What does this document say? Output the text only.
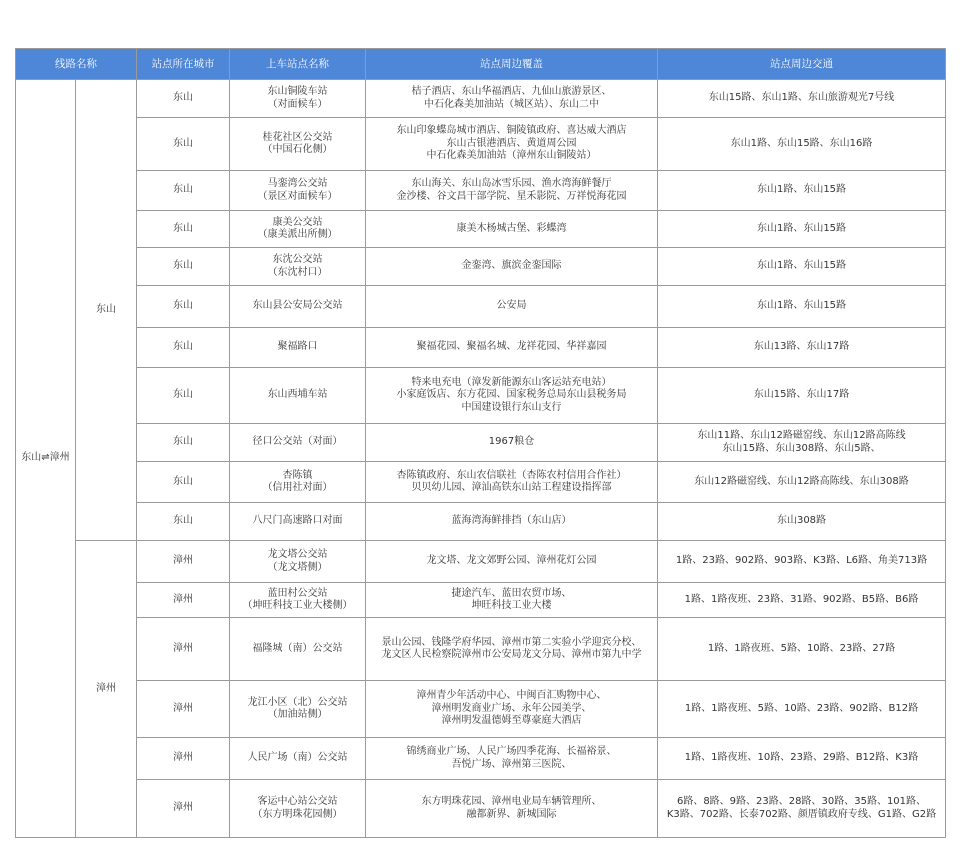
线路名称		站点所在城市	上车站点名称	站点周边覆盖	站点周边交通
东山⇌漳州	东山	东山	东山铜陵车站
（对面候车）	桔子酒店、东山华福酒店、九仙山旅游景区、
中石化森美加油站（城区站）、东山二中	东山15路、东山1路、东山旅游观光7号线

		东山	桂花社区公交站
（中国石化侧）	东山印象蝶岛城市酒店、铜陵镇政府、喜达威大酒店
东山古银港酒店、黄道周公园
中石化森美加油站（漳州东山铜陵站）	东山1路、东山15路、东山16路

		东山	马銮湾公交站
（景区对面候车）	东山海关、东山岛冰雪乐园、渔水湾海鲜餐厅
金沙楼、谷文昌干部学院、星禾影院、万祥悦海花园	东山1路、东山15路

		东山	康美公交站
（康美派出所侧）	康美木杨城古堡、彩蝶湾	东山1路、东山15路

		东山	东沈公交站
（东沈村口）	金銮湾、旗滨金銮国际	东山1路、东山15路

		东山	东山县公安局公交站	公安局	东山1路、东山15路

		东山	聚福路口	聚福花园、聚福名城、龙祥花园、华祥嘉园	东山13路、东山17路

		东山	东山西埔车站	特来电充电（漳发新能源东山客运站充电站）
小家庭饭店、东方花园、国家税务总局东山县税务局
中国建设银行东山支行	东山15路、东山17路

		东山	径口公交站（对面）	1967粮仓	东山11路、东山12路磁窑线、东山12路高陈线
东山15路、东山308路、东山5路、

		东山	杏陈镇
（信用社对面）	杏陈镇政府、东山农信联社（杏陈农村信用合作社）
贝贝幼儿园、漳汕高铁东山站工程建设指挥部	东山12路磁窑线、东山12路高陈线、东山308路

		东山	八尺门高速路口对面	蓝海湾海鲜排挡（东山店）	东山308路

	漳州	漳州	龙文塔公交站
（龙文塔侧）	龙文塔、龙文郊野公园、漳州花灯公园	1路、23路、902路、903路、K3路、L6路、角美713路

		漳州	蓝田村公交站
（坤旺科技工业大楼侧）	捷途汽车、蓝田农贸市场、
坤旺科技工业大楼	1路、1路夜班、23路、31路、902路、B5路、B6路

		漳州	福隆城（南）公交站	景山公园、钱隆学府华园、漳州市第二实验小学迎宾分校、
龙文区人民检察院漳州市公安局龙文分局、漳州市第九中学	1路、1路夜班、5路、10路、23路、27路

		漳州	龙江小区（北）公交站
（加油站侧）	漳州青少年活动中心、中闽百汇购物中心、
漳州明发商业广场、永年公园美学、
漳州明发温德姆至尊豪庭大酒店	1路、1路夜班、5路、10路、23路、902路、B12路

		漳州	人民广场（南）公交站	锦绣商业广场、人民广场四季花海、长福裕景、
吾悦广场、漳州第三医院、	1路、1路夜班、10路、23路、29路、B12路、K3路

		漳州	客运中心站公交站
（东方明珠花园侧）	东方明珠花园、漳州电业局车辆管理所、
融都新界、新城国际	6路、8路、9路、23路、28路、30路、35路、101路、
K3路、702路、长泰702路、颜厝镇政府专线、G1路、G2路
